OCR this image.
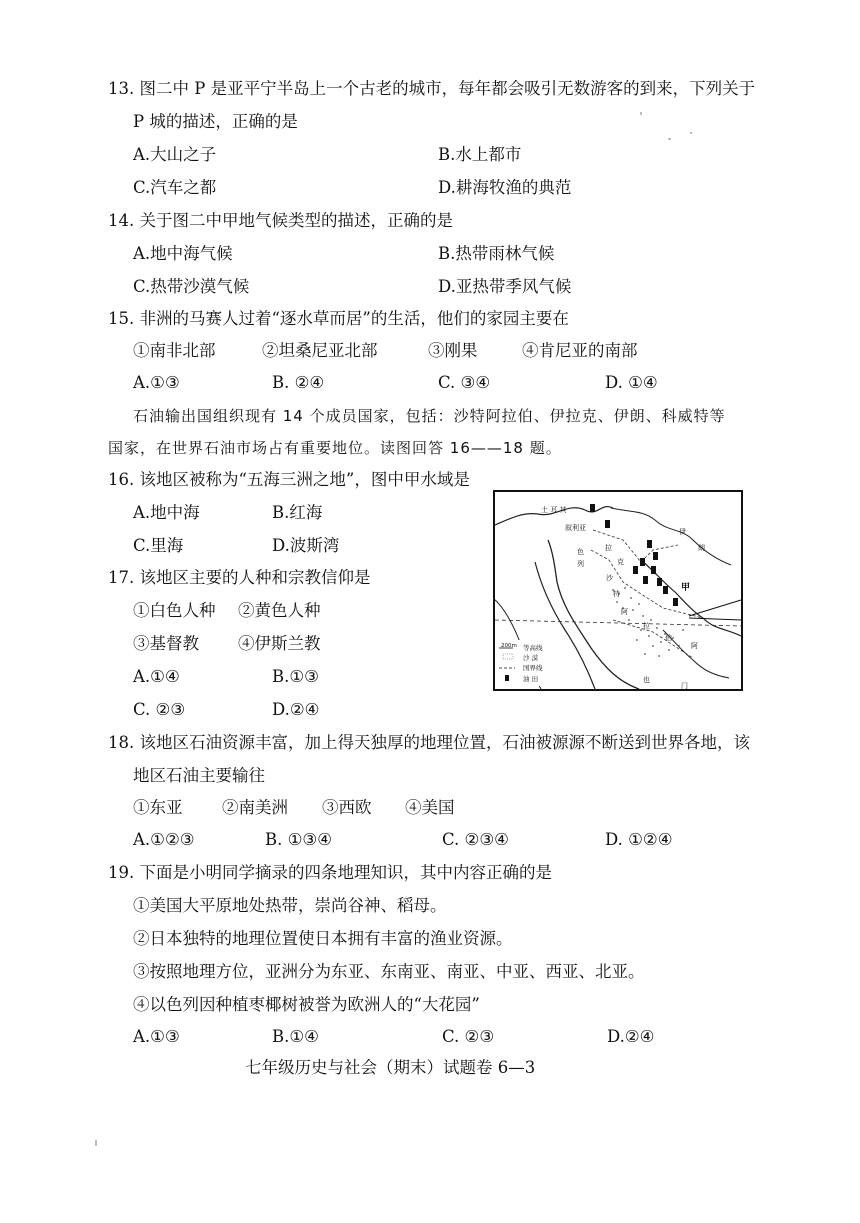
13. 图二中 P 是亚平宁半岛上一个古老的城市，每年都会吸引无数游客的到来，下列关于
P 城的描述，正确的是
A.大山之子	B.水上都市
C.汽车之都	D.耕海牧渔的典范
14. 关于图二中甲地气候类型的描述，正确的是
A.地中海气候	B.热带雨林气候
C.热带沙漠气候	D.亚热带季风气候
15. 非洲的马赛人过着“逐水草而居”的生活，他们的家园主要在
①南非北部	②坦桑尼亚北部	③刚果	④肯尼亚的南部
A.①③	B. ②④	C. ③④	D. ①④
石油输出国组织现有 14 个成员国家，包括：沙特阿拉伯、伊拉克、伊朗、科威特等
国家，在世界石油市场占有重要地位。读图回答 16——18 题。
16. 该地区被称为“五海三洲之地”，图中甲水域是
A.地中海	B.红海
C.里海	D.波斯湾
17. 该地区主要的人种和宗教信仰是
①白色人种 ②黄色人种
③基督教 ④伊斯兰教
A.①④	B.①③
C. ②③	D.②④
土 耳 其
叙利亚	伊
朗
拉
克
沙
特
阿
拉
伯
甲
色
列
阿
也
门
200m 等高线
沙 漠
国界线
油 田
18. 该地区石油资源丰富，加上得天独厚的地理位置，石油被源源不断送到世界各地，该
地区石油主要输往
①东亚 ②南美洲 ③西欧 ④美国
A.①②③	B. ①③④	C. ②③④	D. ①②④
19. 下面是小明同学摘录的四条地理知识，其中内容正确的是
①美国大平原地处热带，崇尚谷神、稻母。
②日本独特的地理位置使日本拥有丰富的渔业资源。
③按照地理方位，亚洲分为东亚、东南亚、南亚、中亚、西亚、北亚。
④以色列因种植枣椰树被誉为欧洲人的“大花园”
A.①③	B.①④	C. ②③	D.②④
七年级历史与社会（期末）试题卷 6—3
